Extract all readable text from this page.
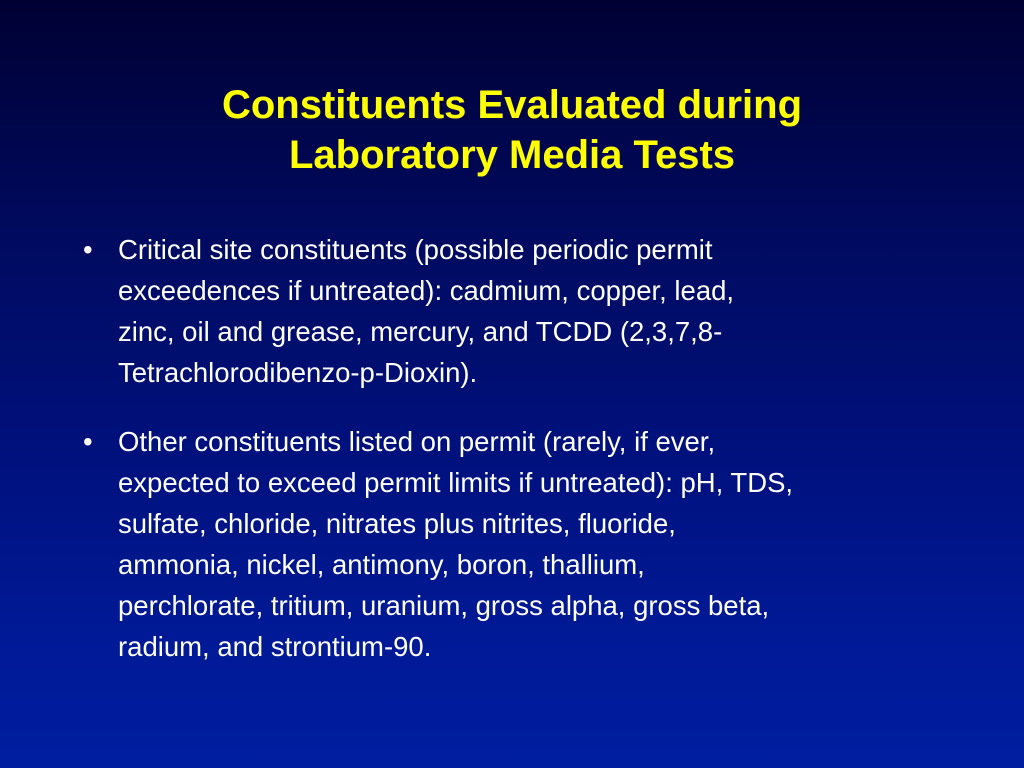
Constituents Evaluated during
Laboratory Media Tests
• Critical site constituents (possible periodic permit
exceedences if untreated): cadmium, copper, lead,
zinc, oil and grease, mercury, and TCDD (2,3,7,8-
Tetrachlorodibenzo-p-Dioxin).
• Other constituents listed on permit (rarely, if ever,
expected to exceed permit limits if untreated): pH, TDS,
sulfate, chloride, nitrates plus nitrites, fluoride,
ammonia, nickel, antimony, boron, thallium,
perchlorate, tritium, uranium, gross alpha, gross beta,
radium, and strontium-90.
